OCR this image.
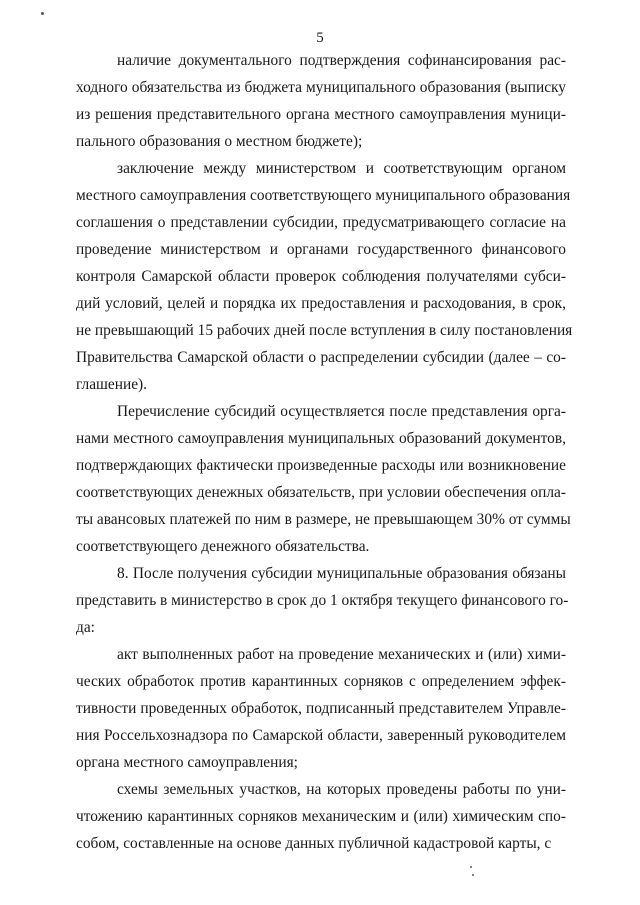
5
наличие документального подтверждения софинансирования рас-
ходного обязательства из бюджета муниципального образования (выписку
из решения представительного органа местного самоуправления муници-
пального образования о местном бюджете);
заключение между министерством и соответствующим органом
местного самоуправления соответствующего муниципального образования
соглашения о представлении субсидии, предусматривающего согласие на
проведение министерством и органами государственного финансового
контроля Самарской области проверок соблюдения получателями субси-
дий условий, целей и порядка их предоставления и расходования, в срок,
не превышающий 15 рабочих дней после вступления в силу постановления
Правительства Самарской области о распределении субсидии (далее – со-
глашение).
Перечисление субсидий осуществляется после представления орга-
нами местного самоуправления муниципальных образований документов,
подтверждающих фактически произведенные расходы или возникновение
соответствующих денежных обязательств, при условии обеспечения опла-
ты авансовых платежей по ним в размере, не превышающем 30% от суммы
соответствующего денежного обязательства.
8. После получения субсидии муниципальные образования обязаны
представить в министерство в срок до 1 октября текущего финансового го-
да:
акт выполненных работ на проведение механических и (или) хими-
ческих обработок против карантинных сорняков с определением эффек-
тивности проведенных обработок, подписанный представителем Управле-
ния Россельхознадзора по Самарской области, заверенный руководителем
органа местного самоуправления;
схемы земельных участков, на которых проведены работы по уни-
чтожению карантинных сорняков механическим и (или) химическим спо-
собом, составленные на основе данных публичной кадастровой карты, с
